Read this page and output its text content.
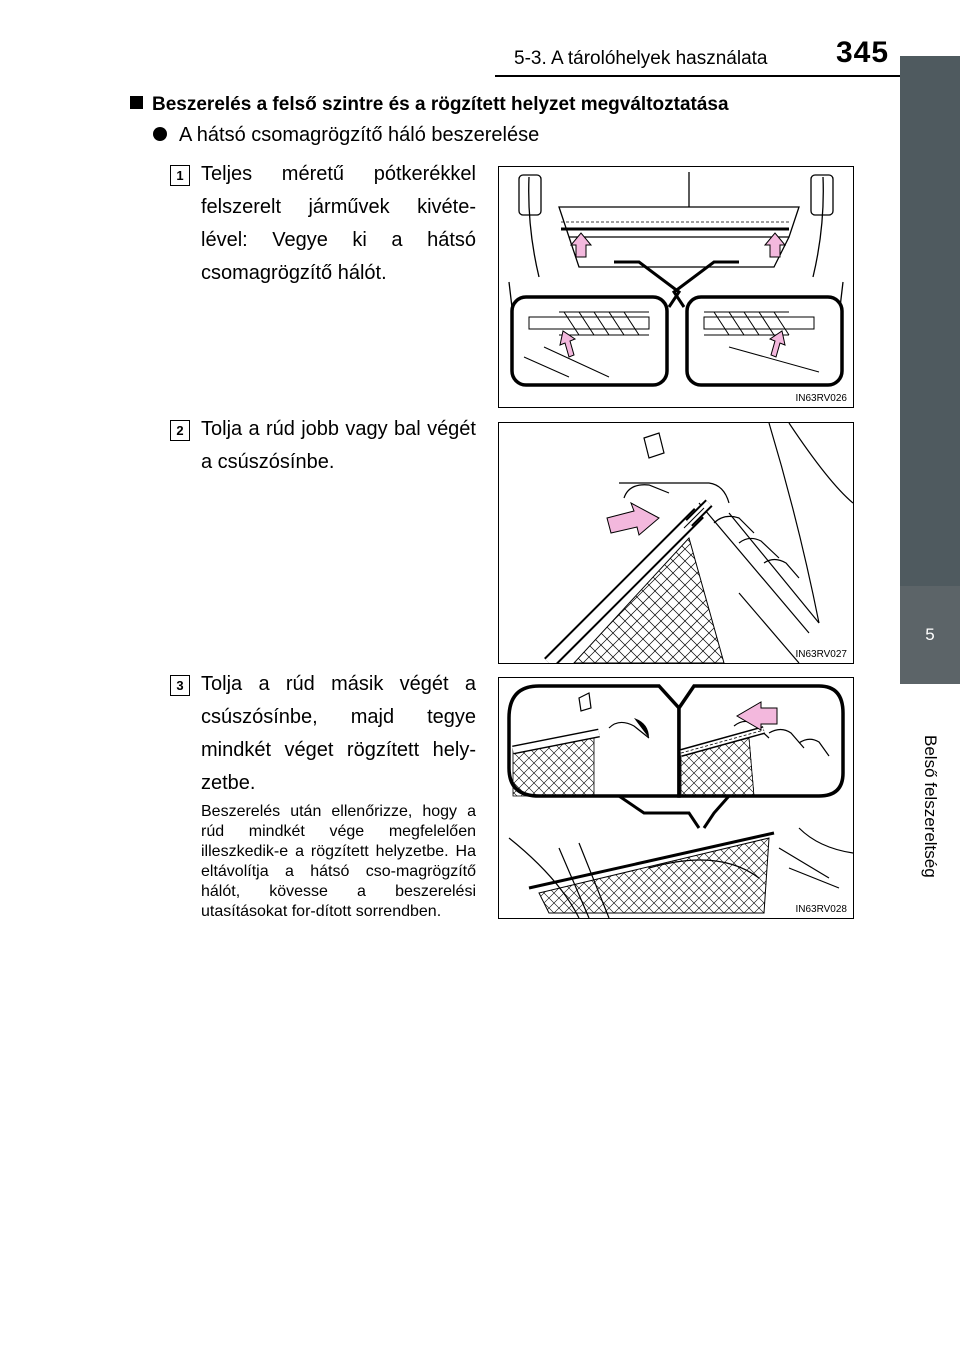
5-3. A tárolóhelyek használata 345
5
Belső felszereltség
Beszerelés a felső szintre és a rögzített helyzet megváltoztatása
A hátsó csomagrögzítő háló beszerelése
1 Teljes méretű pótkerékkel felszerelt járművek kivéte-lével: Vegye ki a hátsó csomagrögzítő hálót.
IN63RV026
2 Tolja a rúd jobb vagy bal végét a csúszósínbe.
IN63RV027
3 Tolja a rúd másik végét a csúszósínbe, majd tegye mindkét véget rögzített hely-zetbe.
Beszerelés után ellenőrizze, hogy a rúd mindkét vége megfelelően illeszkedik-e a rögzített helyzetbe. Ha eltávolítja a hátsó cso-magrögzítő hálót, kövesse a beszerelési utasításokat for-dított sorrendben.	IN63RV028
